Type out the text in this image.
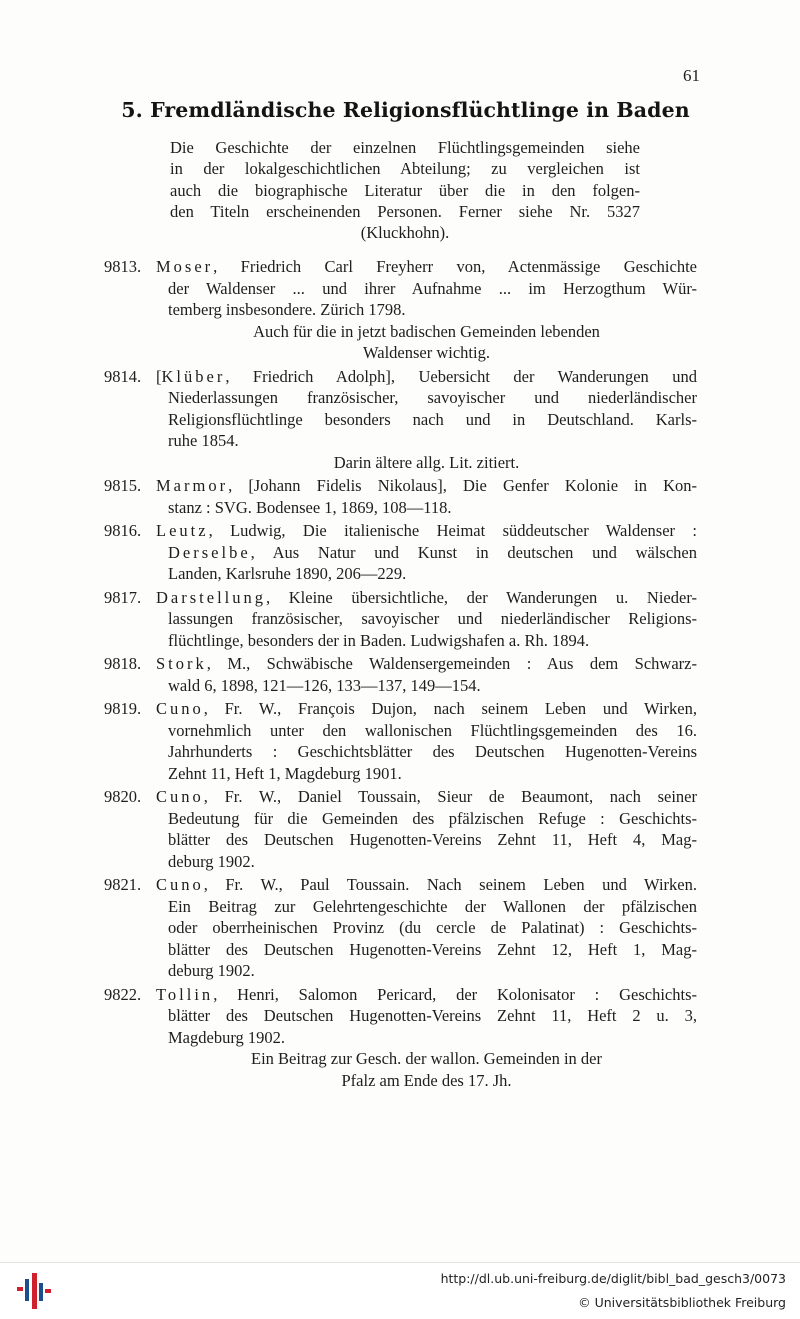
61
5. Fremdländische Religionsflüchtlinge in Baden
Die Geschichte der einzelnen Flüchtlingsgemeinden siehe
in der lokalgeschichtlichen Abteilung; zu vergleichen ist
auch die biographische Literatur über die in den folgen-
den Titeln erscheinenden Personen. Ferner siehe Nr. 5327
(Kluckhohn).
9813. Moser, Friedrich Carl Freyherr von, Actenmässige Geschichte
der Waldenser ... und ihrer Aufnahme ... im Herzogthum Wür-
temberg insbesondere. Zürich 1798.
Auch für die in jetzt badischen Gemeinden lebenden
Waldenser wichtig.
9814. [Klüber, Friedrich Adolph], Uebersicht der Wanderungen und
Niederlassungen französischer, savoyischer und niederländischer
Religionsflüchtlinge besonders nach und in Deutschland. Karls-
ruhe 1854.
Darin ältere allg. Lit. zitiert.
9815. Marmor, [Johann Fidelis Nikolaus], Die Genfer Kolonie in Kon-
stanz : SVG. Bodensee 1, 1869, 108—118.
9816. Leutz, Ludwig, Die italienische Heimat süddeutscher Waldenser :
Derselbe, Aus Natur und Kunst in deutschen und wälschen
Landen, Karlsruhe 1890, 206—229.
9817. Darstellung, Kleine übersichtliche, der Wanderungen u. Nieder-
lassungen französischer, savoyischer und niederländischer Religions-
flüchtlinge, besonders der in Baden. Ludwigshafen a. Rh. 1894.
9818. Stork, M., Schwäbische Waldensergemeinden : Aus dem Schwarz-
wald 6, 1898, 121—126, 133—137, 149—154.
9819. Cuno, Fr. W., François Dujon, nach seinem Leben und Wirken,
vornehmlich unter den wallonischen Flüchtlingsgemeinden des 16.
Jahrhunderts : Geschichtsblätter des Deutschen Hugenotten-Vereins
Zehnt 11, Heft 1, Magdeburg 1901.
9820. Cuno, Fr. W., Daniel Toussain, Sieur de Beaumont, nach seiner
Bedeutung für die Gemeinden des pfälzischen Refuge : Geschichts-
blätter des Deutschen Hugenotten-Vereins Zehnt 11, Heft 4, Mag-
deburg 1902.
9821. Cuno, Fr. W., Paul Toussain. Nach seinem Leben und Wirken.
Ein Beitrag zur Gelehrtengeschichte der Wallonen der pfälzischen
oder oberrheinischen Provinz (du cercle de Palatinat) : Geschichts-
blätter des Deutschen Hugenotten-Vereins Zehnt 12, Heft 1, Mag-
deburg 1902.
9822. Tollin, Henri, Salomon Pericard, der Kolonisator : Geschichts-
blätter des Deutschen Hugenotten-Vereins Zehnt 11, Heft 2 u. 3,
Magdeburg 1902.
Ein Beitrag zur Gesch. der wallon. Gemeinden in der
Pfalz am Ende des 17. Jh.
http://dl.ub.uni-freiburg.de/diglit/bibl_bad_gesch3/0073
© Universitätsbibliothek Freiburg
